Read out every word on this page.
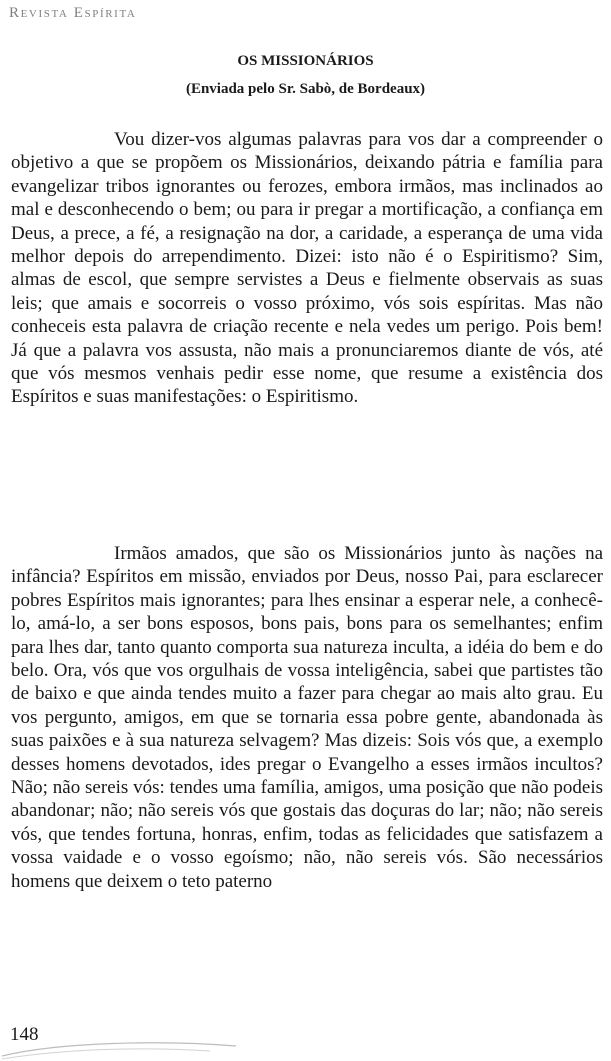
Revista Espírita
OS MISSIONÁRIOS
(Enviada pelo Sr. Sabò, de Bordeaux)

Vou dizer-vos algumas palavras para vos dar a compreender o objetivo a que se propõem os Missionários, deixando pátria e família para evangelizar tribos ignorantes ou ferozes, embora irmãos, mas inclinados ao mal e desconhecendo o bem; ou para ir pregar a mortificação, a confiança em Deus, a prece, a fé, a resignação na dor, a caridade, a esperança de uma vida melhor depois do arrependimento. Dizei: isto não é o Espiritismo? Sim, almas de escol, que sempre servistes a Deus e fielmente observais as suas leis; que amais e socorreis o vosso próximo, vós sois espíritas. Mas não conheceis esta palavra de criação recente e nela vedes um perigo. Pois bem! Já que a palavra vos assusta, não mais a pronunciaremos diante de vós, até que vós mesmos venhais pedir esse nome, que resume a existência dos Espíritos e suas manifestações: o Espiritismo.

Irmãos amados, que são os Missionários junto às nações na infância? Espíritos em missão, enviados por Deus, nosso Pai, para esclarecer pobres Espíritos mais ignorantes; para lhes ensinar a esperar nele, a conhecê-lo, amá-lo, a ser bons esposos, bons pais, bons para os semelhantes; enfim para lhes dar, tanto quanto comporta sua natureza inculta, a idéia do bem e do belo. Ora, vós que vos orgulhais de vossa inteligência, sabei que partistes tão de baixo e que ainda tendes muito a fazer para chegar ao mais alto grau. Eu vos pergunto, amigos, em que se tornaria essa pobre gente, abandonada às suas paixões e à sua natureza selvagem? Mas dizeis: Sois vós que, a exemplo desses homens devotados, ides pregar o Evangelho a esses irmãos incultos? Não; não sereis vós: tendes uma família, amigos, uma posição que não podeis abandonar; não; não sereis vós que gostais das doçuras do lar; não; não sereis vós, que tendes fortuna, honras, enfim, todas as felicidades que satisfazem a vossa vaidade e o vosso egoísmo; não, não sereis vós. São necessários homens que deixem o teto paterno

148
